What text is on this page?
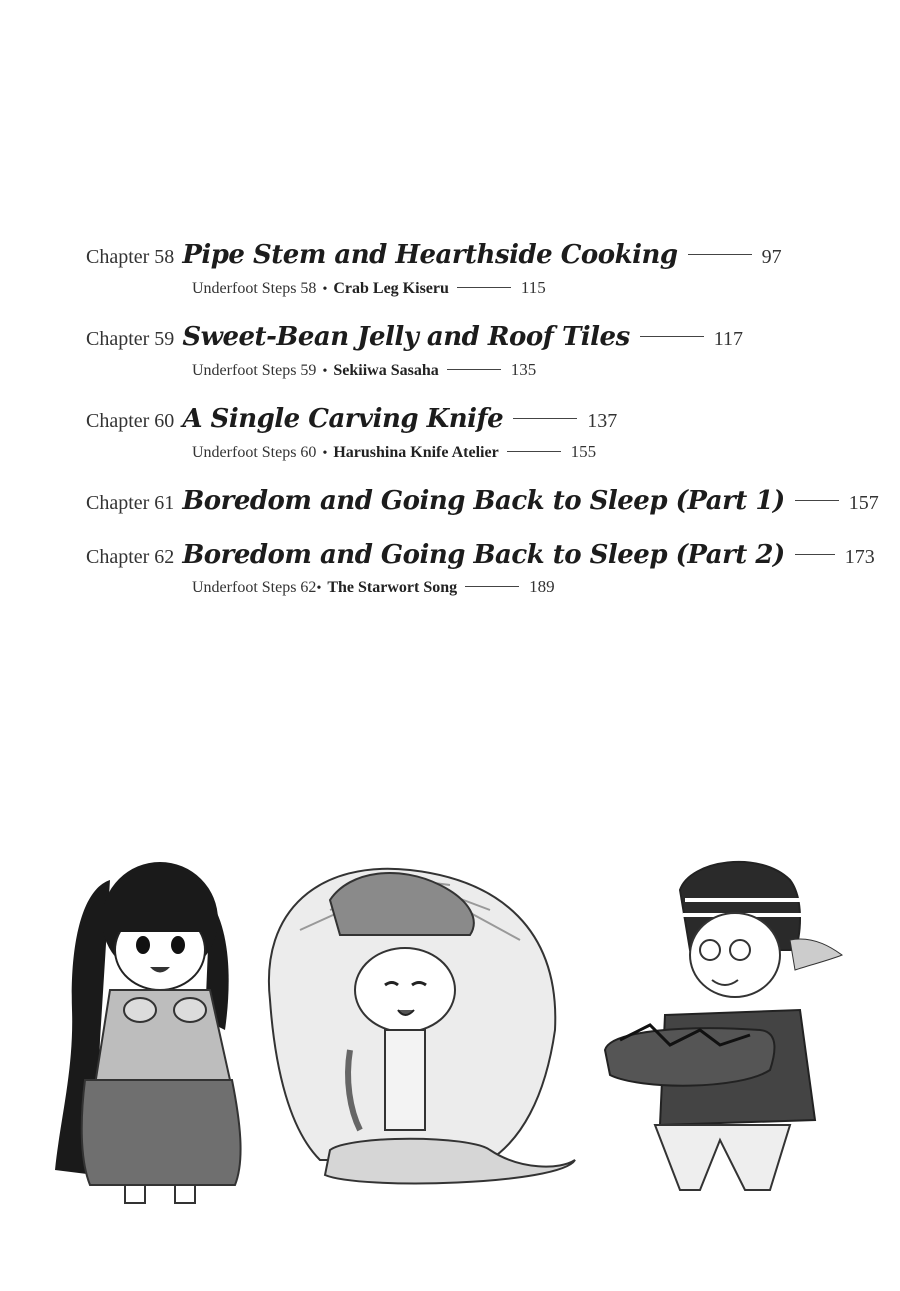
Chapter 58 Pipe Stem and Hearthside Cooking	97
Underfoot Steps 58 • Crab Leg Kiseru	115
Chapter 59 Sweet-Bean Jelly and Roof Tiles	117
Underfoot Steps 59 • Sekiiwa Sasaha	135
Chapter 60 A Single Carving Knife	137
Underfoot Steps 60 • Harushina Knife Atelier	155
Chapter 61 Boredom and Going Back to Sleep (Part 1)	157
Chapter 62 Boredom and Going Back to Sleep (Part 2)	173
Underfoot Steps 62 • The Starwort Song	189
